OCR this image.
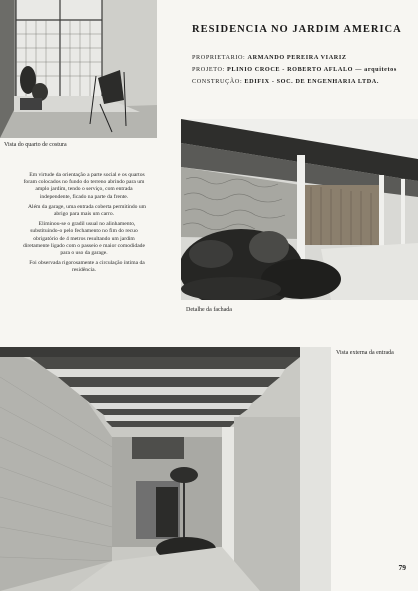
Vista do quarto de costura
RESIDENCIA NO JARDIM AMERICA
PROPRIETARIO: ARMANDO PEREIRA VIARIZ
PROJETO: PLINIO CROCE - ROBERTO AFLALO — arquitetos
CONSTRUÇÃO: EDIFIX - SOC. DE ENGENHARIA LTDA.

Em virtude da orientação a parte social e os quartos foram colocados no fundo do terreno abrindo para um amplo jardim, tendo o serviço, com entrada independente, ficado na parte da frente.

Além da garage, uma entrada coberta permitindo um abrigo para mais um carro.

Eliminou-se o gradil usual no alinhamento, substituindo-o pelo fechamento no fim do recuo obrigatório de 4 metros resultando um jardim diretamente ligado com o passeio e maior comodidade para o uso da garage.

Foi observada rigorosamente a circulação íntima da residência.

Detalhe da fachada
Vista externa da entrada
79
